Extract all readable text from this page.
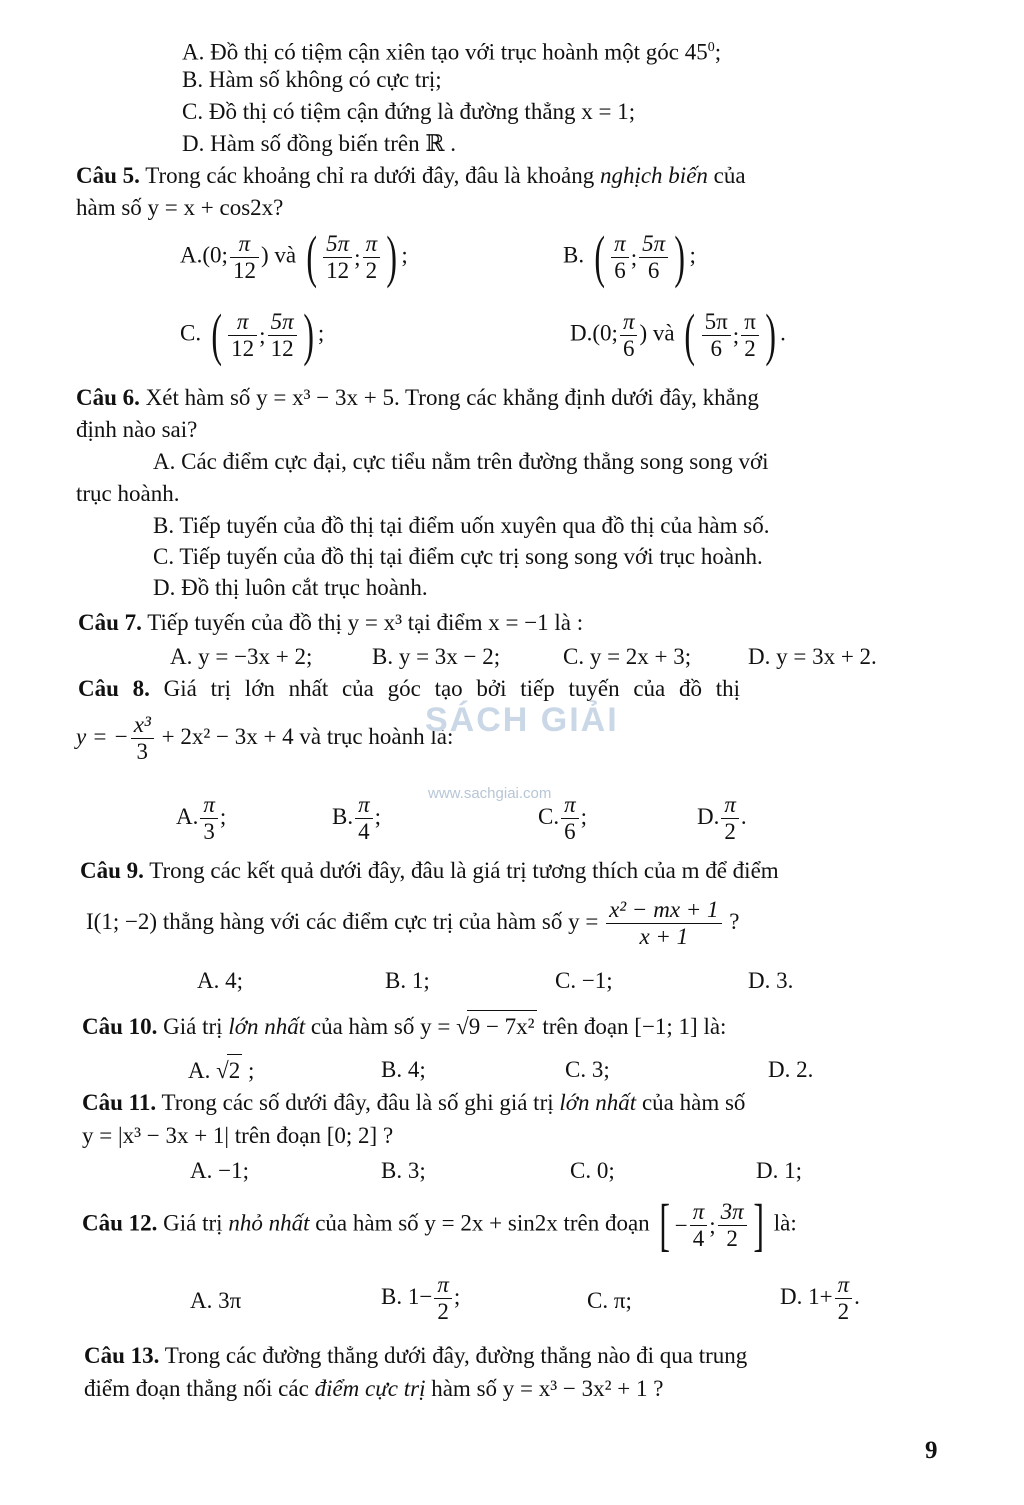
A. Đồ thị có tiệm cận xiên tạo với trục hoành một góc $45^0$;
B. Hàm số không có cực trị;
C. Đồ thị có tiệm cận đứng là đường thẳng x = 1;
D. Hàm số đồng biến trên ℝ .
Câu 5. Trong các khoảng chỉ ra dưới đây, đâu là khoảng nghịch biến của
hàm số y = x + cos2x?
A.(0; $\frac{\pi}{12}$ ) và ( $\frac{5\pi}{12}$ ; $\frac{\pi}{2}$ ) ;	B. ( $\frac{\pi}{6}$ ; $\frac{5\pi}{6}$ ) ;
C. ( $\frac{\pi}{12}$ ; $\frac{5\pi}{12}$ ) ;	D.(0; $\frac{\pi}{6}$ ) và ( $\frac{5\pi}{6}$ ; $\frac{\pi}{2}$ ) .
Câu 6. Xét hàm số y = x³ − 3x + 5. Trong các khẳng định dưới đây, khẳng
định nào sai?
A. Các điểm cực đại, cực tiểu nằm trên đường thẳng song song với
trục hoành.
B. Tiếp tuyến của đồ thị tại điểm uốn xuyên qua đồ thị của hàm số.
C. Tiếp tuyến của đồ thị tại điểm cực trị song song với trục hoành.
D. Đồ thị luôn cắt trục hoành.
Câu 7. Tiếp tuyến của đồ thị y = x³ tại điểm x = −1 là :
A. y = −3x + 2;	B. y = 3x − 2;	C. y = 2x + 3; D. y = 3x + 2.
Câu 8. Giá trị lớn nhất của góc tạo bởi tiếp tuyến của đồ thị
y = − $\frac{\text{x³}}{3} + 2x^2 - 3x + 4$ và trục hoành là:
SÁCH GIẢI
www.sachgiai.com
A. $\frac{\pi}{3}$ ;	B. $\frac{\pi}{4}$ ;	C. $\frac{\pi}{6}$ ;	D. $\frac{\pi}{2}$ .
Câu 9. Trong các kết quả dưới đây, đâu là giá trị tương thích của m để điểm
I(1; −2) thẳng hàng với các điểm cực trị của hàm số $y = \frac{\text{x² − mx + 1}}{x + 1}$ ?
A. 4;	B. 1;	C. −1;	D. 3.
Câu 10. Giá trị lớn nhất của hàm số y = √9 − 7x² trên đoạn [−1; 1] là:
A. √2 ;	B. 4;	C. 3;	D. 2.
Câu 11. Trong các số dưới đây, đâu là số ghi giá trị lớn nhất của hàm số
y = |x³ − 3x + 1| trên đoạn [0; 2] ?
A. −1;	B. 3;	C. 0;	D. 1;
Câu 12. Giá trị nhỏ nhất của hàm số y = 2x + sin2x trên đoạn [ − $\frac{\pi}{4}$ ; $\frac{3\pi}{2}$ ] là:
A. 3π	B. $1- \frac{\pi}{2}$ ;	C. π;	D. $1+ \frac{\pi}{2}$ .
Câu 13. Trong các đường thẳng dưới đây, đường thẳng nào đi qua trung
điểm đoạn thẳng nối các điểm cực trị hàm số y = x³ − 3x² + 1 ?
9
